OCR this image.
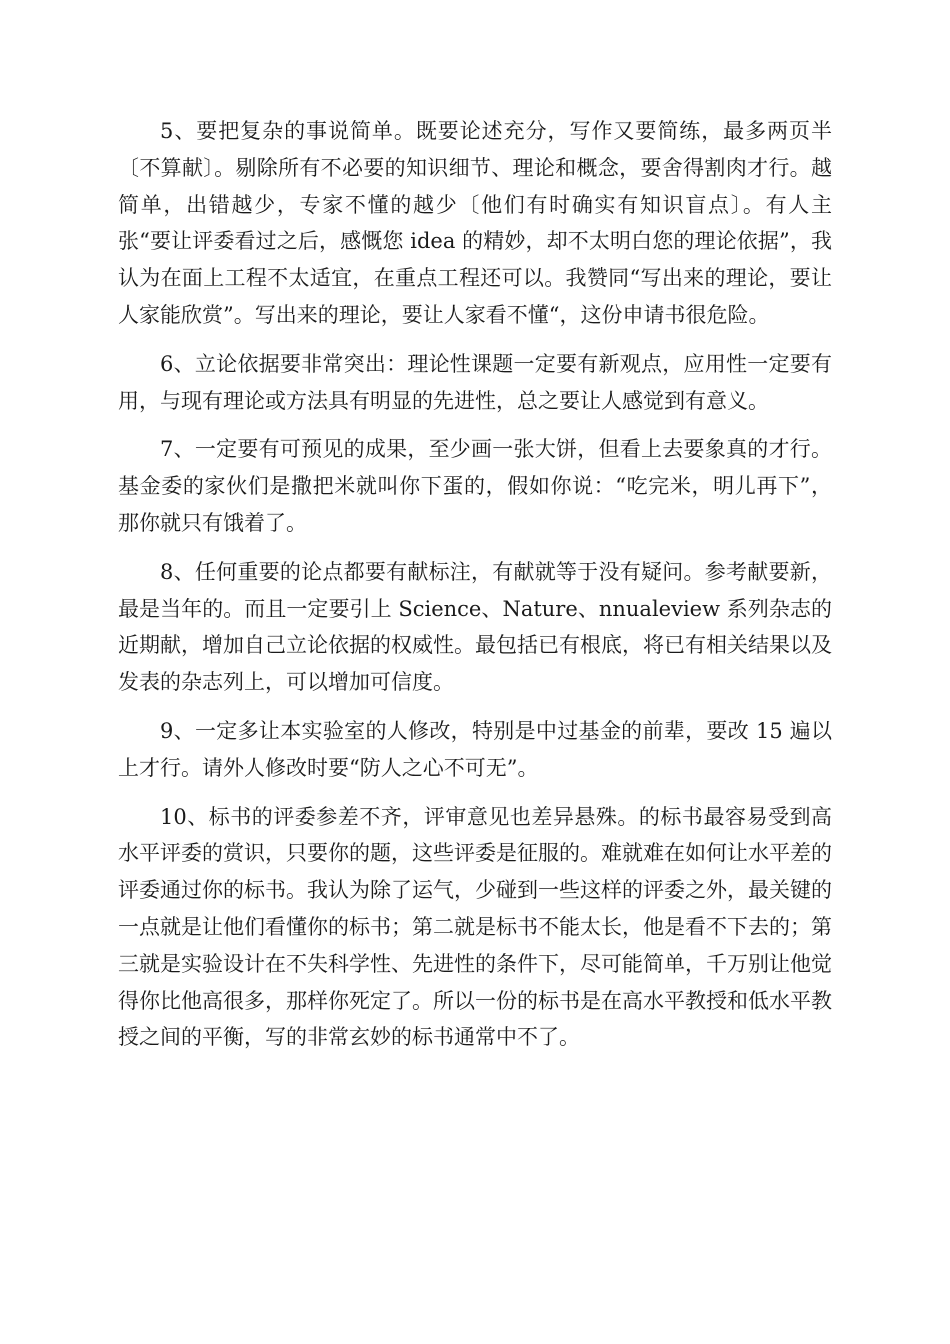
5、要把复杂的事说简单。既要论述充分，写作又要简练，最多两页半〔不算献〕。剔除所有不必要的知识细节、理论和概念，要舍得割肉才行。越简单，出错越少，专家不懂的越少〔他们有时确实有知识盲点〕。有人主张“要让评委看过之后，感慨您 idea 的精妙，却不太明白您的理论依据”，我认为在面上工程不太适宜，在重点工程还可以。我赞同“写出来的理论，要让人家能欣赏”。写出来的理论，要让人家看不懂“，这份申请书很危险。

6、立论依据要非常突出：理论性课题一定要有新观点，应用性一定要有用，与现有理论或方法具有明显的先进性，总之要让人感觉到有意义。

7、一定要有可预见的成果，至少画一张大饼，但看上去要象真的才行。基金委的家伙们是撒把米就叫你下蛋的，假如你说：“吃完米，明儿再下”，那你就只有饿着了。

8、任何重要的论点都要有献标注，有献就等于没有疑问。参考献要新，最是当年的。而且一定要引上 Science、Nature、nnualeview 系列杂志的近期献，增加自己立论依据的权威性。最包括已有根底，将已有相关结果以及发表的杂志列上，可以增加可信度。

9、一定多让本实验室的人修改，特别是中过基金的前辈，要改 15 遍以上才行。请外人修改时要“防人之心不可无”。

10、标书的评委参差不齐，评审意见也差异悬殊。的标书最容易受到高水平评委的赏识，只要你的题，这些评委是征服的。难就难在如何让水平差的评委通过你的标书。我认为除了运气，少碰到一些这样的评委之外，最关键的一点就是让他们看懂你的标书；第二就是标书不能太长，他是看不下去的；第三就是实验设计在不失科学性、先进性的条件下，尽可能简单，千万别让他觉得你比他高很多，那样你死定了。所以一份的标书是在高水平教授和低水平教授之间的平衡，写的非常玄妙的标书通常中不了。
